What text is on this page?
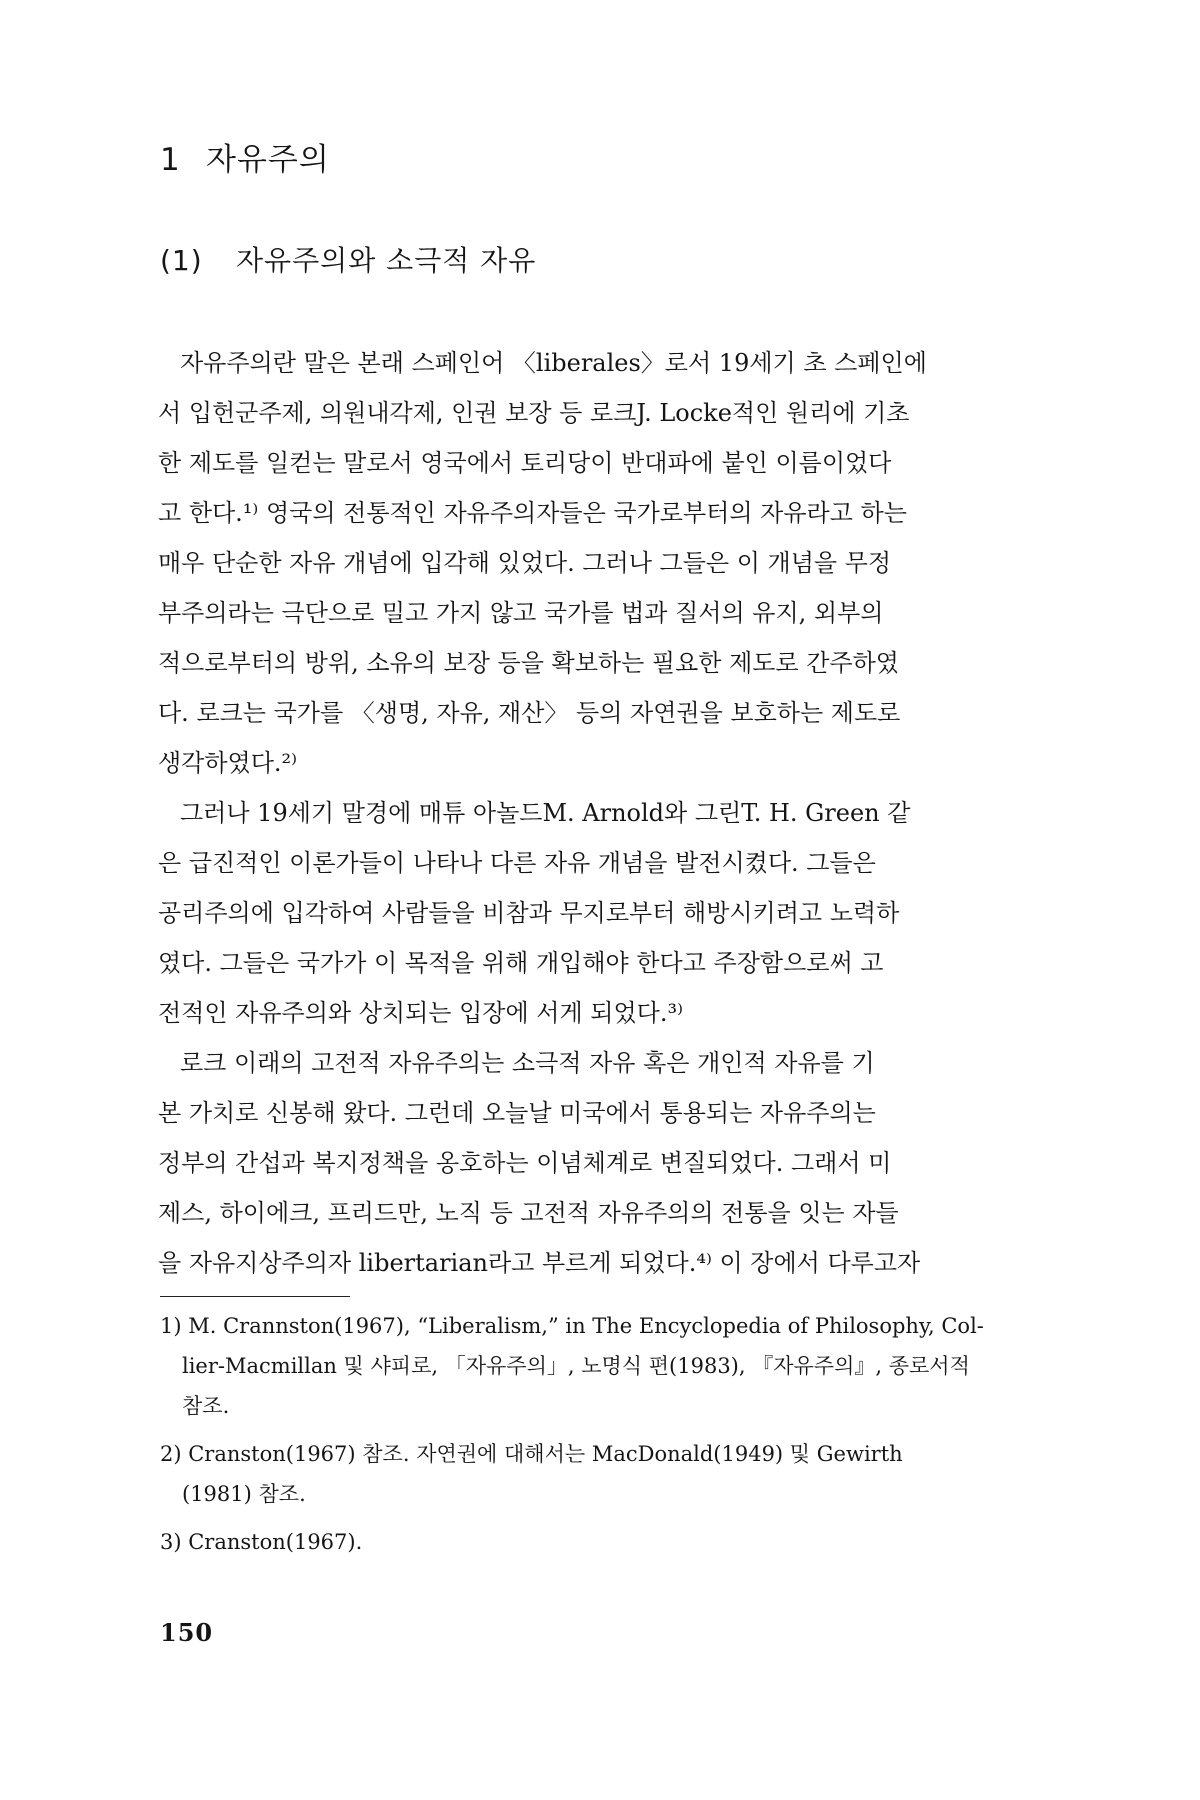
1 자유주의
(1) 자유주의와 소극적 자유
자유주의란 말은 본래 스페인어 〈liberales〉로서 19세기 초 스페인에
서 입헌군주제, 의원내각제, 인권 보장 등 로크J. Locke적인 원리에 기초
한 제도를 일컫는 말로서 영국에서 토리당이 반대파에 붙인 이름이었다
고 한다.¹⁾ 영국의 전통적인 자유주의자들은 국가로부터의 자유라고 하는
매우 단순한 자유 개념에 입각해 있었다. 그러나 그들은 이 개념을 무정
부주의라는 극단으로 밀고 가지 않고 국가를 법과 질서의 유지, 외부의
적으로부터의 방위, 소유의 보장 등을 확보하는 필요한 제도로 간주하였
다. 로크는 국가를 〈생명, 자유, 재산〉 등의 자연권을 보호하는 제도로
생각하였다.²⁾
그러나 19세기 말경에 매튜 아놀드M. Arnold와 그린T. H. Green 같
은 급진적인 이론가들이 나타나 다른 자유 개념을 발전시켰다. 그들은
공리주의에 입각하여 사람들을 비참과 무지로부터 해방시키려고 노력하
였다. 그들은 국가가 이 목적을 위해 개입해야 한다고 주장함으로써 고
전적인 자유주의와 상치되는 입장에 서게 되었다.³⁾
로크 이래의 고전적 자유주의는 소극적 자유 혹은 개인적 자유를 기
본 가치로 신봉해 왔다. 그런데 오늘날 미국에서 통용되는 자유주의는
정부의 간섭과 복지정책을 옹호하는 이념체계로 변질되었다. 그래서 미
제스, 하이에크, 프리드만, 노직 등 고전적 자유주의의 전통을 잇는 자들
을 자유지상주의자 libertarian라고 부르게 되었다.⁴⁾ 이 장에서 다루고자
1) M. Crannston(1967), “Liberalism,” in The Encyclopedia of Philosophy, Col-
lier-Macmillan 및 샤피로, 「자유주의」, 노명식 편(1983), 『자유주의』, 종로서적
참조.
2) Cranston(1967) 참조. 자연권에 대해서는 MacDonald(1949) 및 Gewirth
(1981) 참조.
3) Cranston(1967).
150
